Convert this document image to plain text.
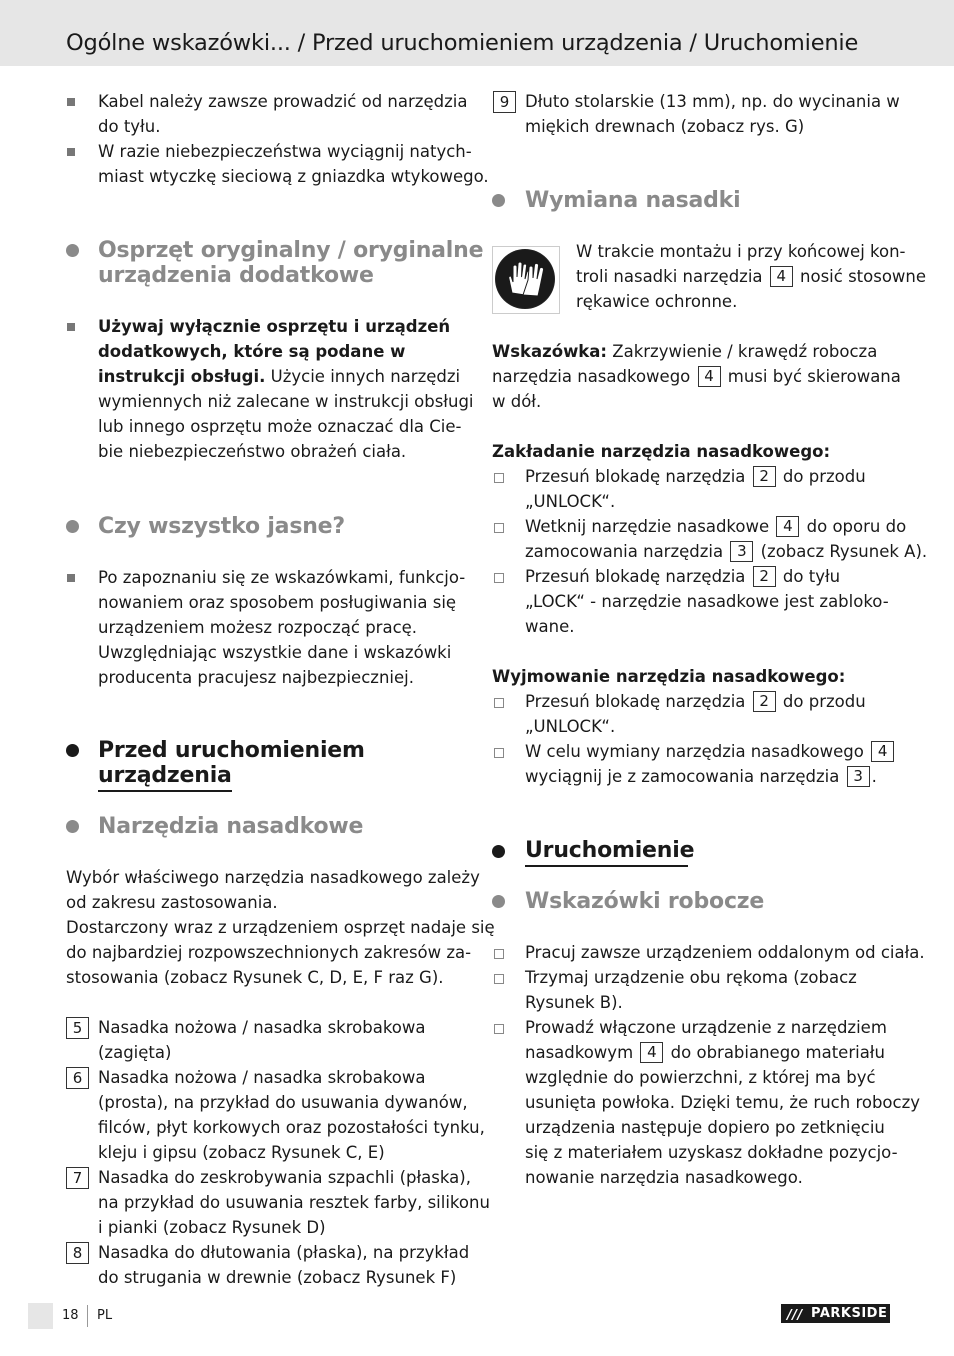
Ogólne wskazówki... / Przed uruchomieniem urządzenia / Uruchomienie
Kabel należy zawsze prowadzić od narzędzia
do tyłu.
W razie niebezpieczeństwa wyciągnij natych-
miast wtyczkę sieciową z gniazdka wtykowego.
Osprzęt oryginalny / oryginalne
urządzenia dodatkowe
Używaj wyłącznie osprzętu i urządzeń
dodatkowych, które są podane w
instrukcji obsługi. Użycie innych narzędzi
wymiennych niż zalecane w instrukcji obsługi
lub innego osprzętu może oznaczać dla Cie-
bie niebezpieczeństwo obrażeń ciała.
Czy wszystko jasne?
Po zapoznaniu się ze wskazówkami, funkcjo-
nowaniem oraz sposobem posługiwania się
urządzeniem możesz rozpocząć pracę.
Uwzględniając wszystkie dane i wskazówki
producenta pracujesz najbezpieczniej.
Przed uruchomieniem
urządzenia
Narzędzia nasadkowe
Wybór właściwego narzędzia nasadkowego zależy
od zakresu zastosowania.
Dostarczony wraz z urządzeniem osprzęt nadaje się
do najbardziej rozpowszechnionych zakresów za-
stosowania (zobacz Rysunek C, D, E, F raz G).
5 Nasadka nożowa / nasadka skrobakowa
(zagięta)
6 Nasadka nożowa / nasadka skrobakowa
(prosta), na przykład do usuwania dywanów,
filców, płyt korkowych oraz pozostałości tynku,
kleju i gipsu (zobacz Rysunek C, E)
7 Nasadka do zeskrobywania szpachli (płaska),
na przykład do usuwania resztek farby, silikonu
i pianki (zobacz Rysunek D)
8 Nasadka do dłutowania (płaska), na przykład
do strugania w drewnie (zobacz Rysunek F)
9 Dłuto stolarskie (13 mm), np. do wycinania w
miękich drewnach (zobacz rys. G)
Wymiana nasadki
W trakcie montażu i przy końcowej kon-
troli nasadki narzędzia 4 nosić stosowne
rękawice ochronne.
Wskazówka: Zakrzywienie / krawędź robocza
narzędzia nasadkowego 4 musi być skierowana
w dół.
Zakładanie narzędzia nasadkowego:
Przesuń blokadę narzędzia 2 do przodu
„UNLOCK“.
Wetknij narzędzie nasadkowe 4 do oporu do
zamocowania narzędzia 3 (zobacz Rysunek A).
Przesuń blokadę narzędzia 2 do tyłu
„LOCK“ - narzędzie nasadkowe jest zabloko-
wane.
Wyjmowanie narzędzia nasadkowego:
Przesuń blokadę narzędzia 2 do przodu
„UNLOCK“.
W celu wymiany narzędzia nasadkowego 4
wyciągnij je z zamocowania narzędzia 3 .
Uruchomienie
Wskazówki robocze
Pracuj zawsze urządzeniem oddalonym od ciała.
Trzymaj urządzenie obu rękoma (zobacz
Rysunek B).
Prowadź włączone urządzenie z narzędziem
nasadkowym 4 do obrabianego materiału
względnie do powierzchni, z której ma być
usunięta powłoka. Dzięki temu, że ruch roboczy
urządzenia następuje dopiero po zetknięciu
się z materiałem uzyskasz dokładne pozycjo-
nowanie narzędzia nasadkowego.
18 PL	/// PARKSIDE
